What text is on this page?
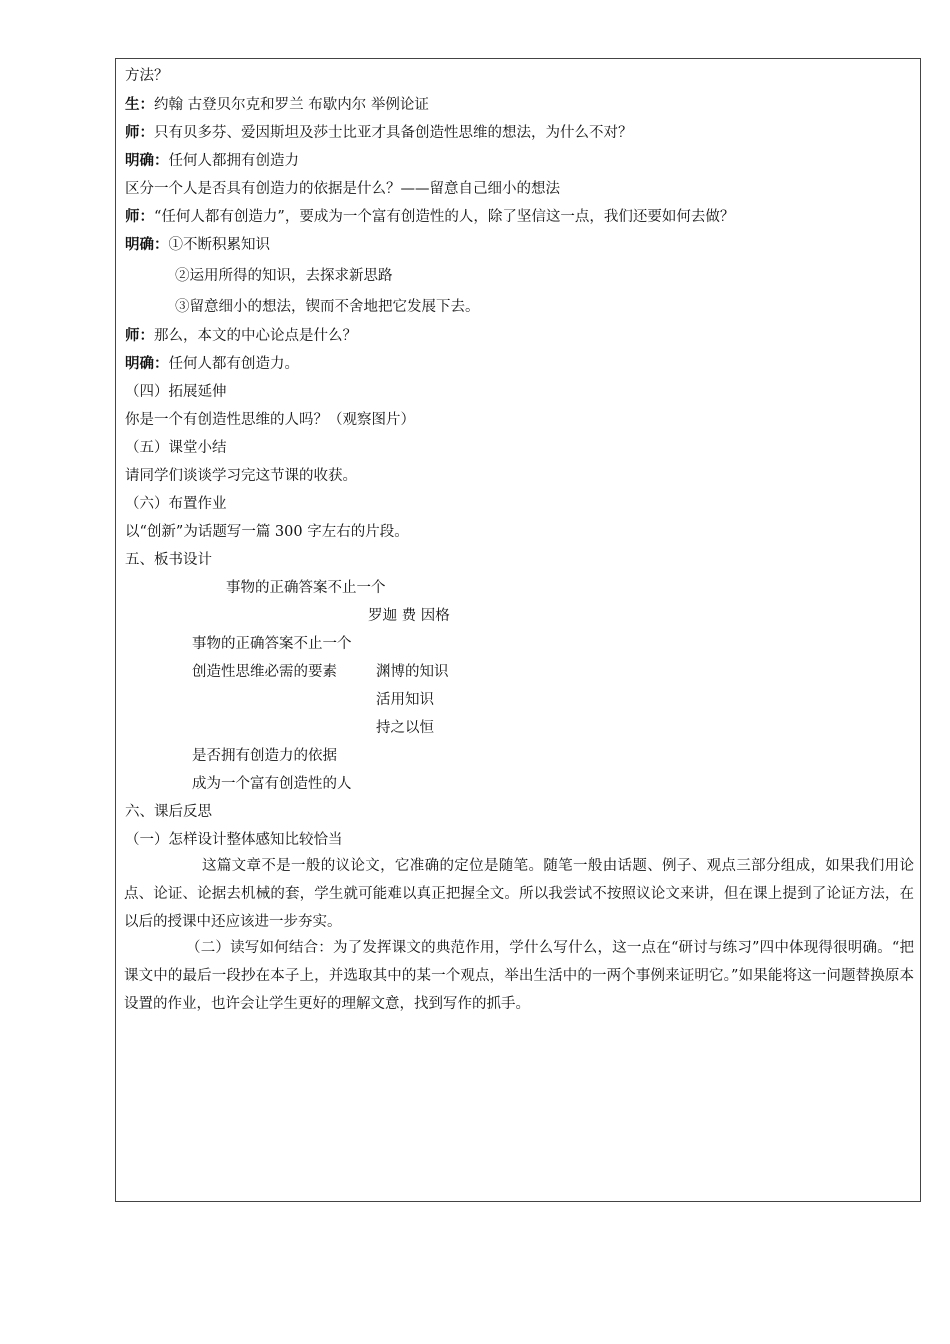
方法？
生：约翰 古登贝尔克和罗兰 布歇内尔 举例论证
师：只有贝多芬、爱因斯坦及莎士比亚才具备创造性思维的想法，为什么不对？
明确：任何人都拥有创造力
区分一个人是否具有创造力的依据是什么？——留意自己细小的想法
师：“任何人都有创造力”，要成为一个富有创造性的人，除了坚信这一点，我们还要如何去做？
明确：①不断积累知识
②运用所得的知识，去探求新思路
③留意细小的想法，锲而不舍地把它发展下去。
师：那么，本文的中心论点是什么？
明确：任何人都有创造力。
（四）拓展延伸
你是一个有创造性思维的人吗？（观察图片）
（五）课堂小结
请同学们谈谈学习完这节课的收获。
（六）布置作业
以“创新”为话题写一篇 300 字左右的片段。
五、板书设计
事物的正确答案不止一个
罗迦 费 因格
事物的正确答案不止一个
创造性思维必需的要素	渊博的知识
活用知识
持之以恒
是否拥有创造力的依据
成为一个富有创造性的人
六、课后反思
（一）怎样设计整体感知比较恰当
这篇文章不是一般的议论文，它准确的定位是随笔。随笔一般由话题、例子、观点三部分组成，如果我们用论点、论证、论据去机械的套，学生就可能难以真正把握全文。所以我尝试不按照议论文来讲，但在课上提到了论证方法，在以后的授课中还应该进一步夯实。
（二）读写如何结合：为了发挥课文的典范作用，学什么写什么，这一点在“研讨与练习”四中体现得很明确。“把课文中的最后一段抄在本子上，并选取其中的某一个观点，举出生活中的一两个事例来证明它。”如果能将这一问题替换原本设置的作业，也许会让学生更好的理解文意，找到写作的抓手。
